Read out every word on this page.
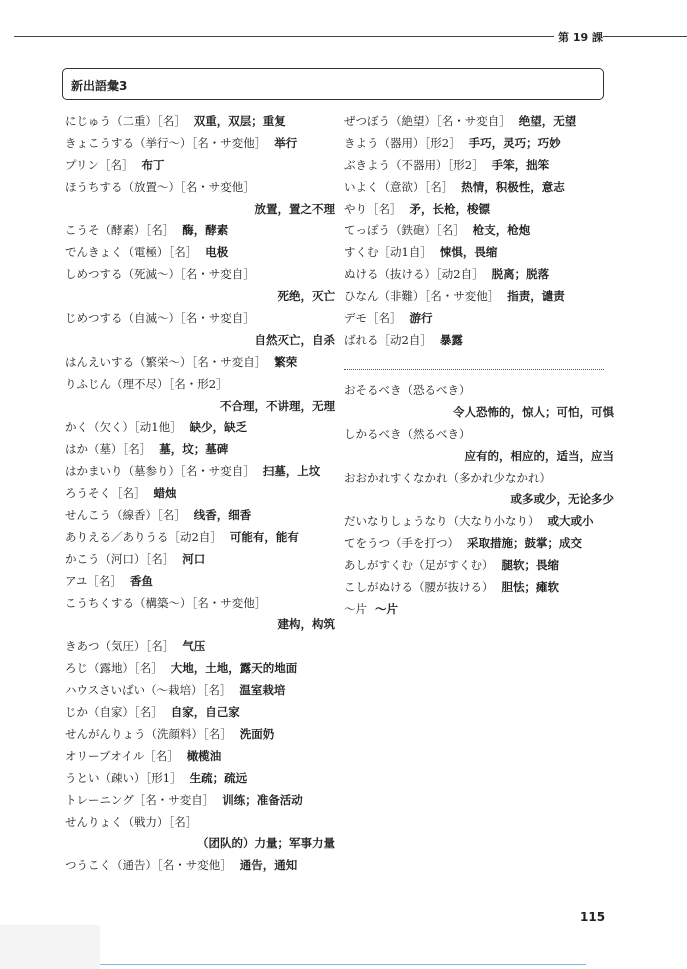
第 19 課
新出語彙3
にじゅう（二重）［名］ 双重，双层；重复
きょこうする（挙行～）［名・サ変他］ 举行
プリン［名］ 布丁
ほうちする（放置～）［名・サ変他］
放置，置之不理
こうそ（酵素）［名］ 酶，酵素
でんきょく（電極）［名］ 电极
しめつする（死滅～）［名・サ変自］
死绝，灭亡
じめつする（自滅～）［名・サ変自］
自然灭亡，自杀
はんえいする（繁栄～）［名・サ変自］ 繁荣
りふじん（理不尽）［名・形2］
不合理，不讲理，无理
かく（欠く）［动1他］ 缺少，缺乏
はか（墓）［名］ 墓，坟；墓碑
はかまいり（墓参り）［名・サ変自］ 扫墓，上坟
ろうそく［名］ 蜡烛
せんこう（線香）［名］ 线香，细香
ありえる／ありうる［动2自］ 可能有，能有
かこう（河口）［名］ 河口
アユ［名］ 香鱼
こうちくする（構築～）［名・サ変他］
建构，构筑
きあつ（気圧）［名］ 气压
ろじ（露地）［名］ 大地，土地，露天的地面
ハウスさいばい（～栽培）［名］ 温室栽培
じか（自家）［名］ 自家，自己家
せんがんりょう（洗顔料）［名］ 洗面奶
オリーブオイル［名］ 橄榄油
うとい（疎い）［形1］ 生疏；疏远
トレーニング［名・サ変自］ 训练；准备活动
せんりょく（戦力）［名］
（团队的）力量；军事力量
つうこく（通告）［名・サ変他］ 通告，通知
ぜつぼう（絶望）［名・サ変自］ 绝望，无望
きよう（器用）［形2］ 手巧，灵巧；巧妙
ぶきよう（不器用）［形2］ 手笨，拙笨
いよく（意欲）［名］ 热情，积极性，意志
やり［名］ 矛，长枪，梭镖
てっぽう（鉄砲）［名］ 枪支，枪炮
すくむ［动1自］ 悚惧，畏缩
ぬける（抜ける）［动2自］ 脱离；脱落
ひなん（非難）［名・サ変他］ 指责，谴责
デモ［名］ 游行
ばれる［动2自］ 暴露
おそるべき（恐るべき）
令人恐怖的，惊人；可怕，可惧
しかるべき（然るべき）
应有的，相应的，适当，应当
おおかれすくなかれ（多かれ少なかれ）
或多或少，无论多少
だいなりしょうなり（大なり小なり） 或大或小
てをうつ（手を打つ） 采取措施；鼓掌；成交
あしがすくむ（足がすくむ） 腿软；畏缩
こしがぬける（腰が抜ける） 胆怯；瘫软
～片 ～片
115
